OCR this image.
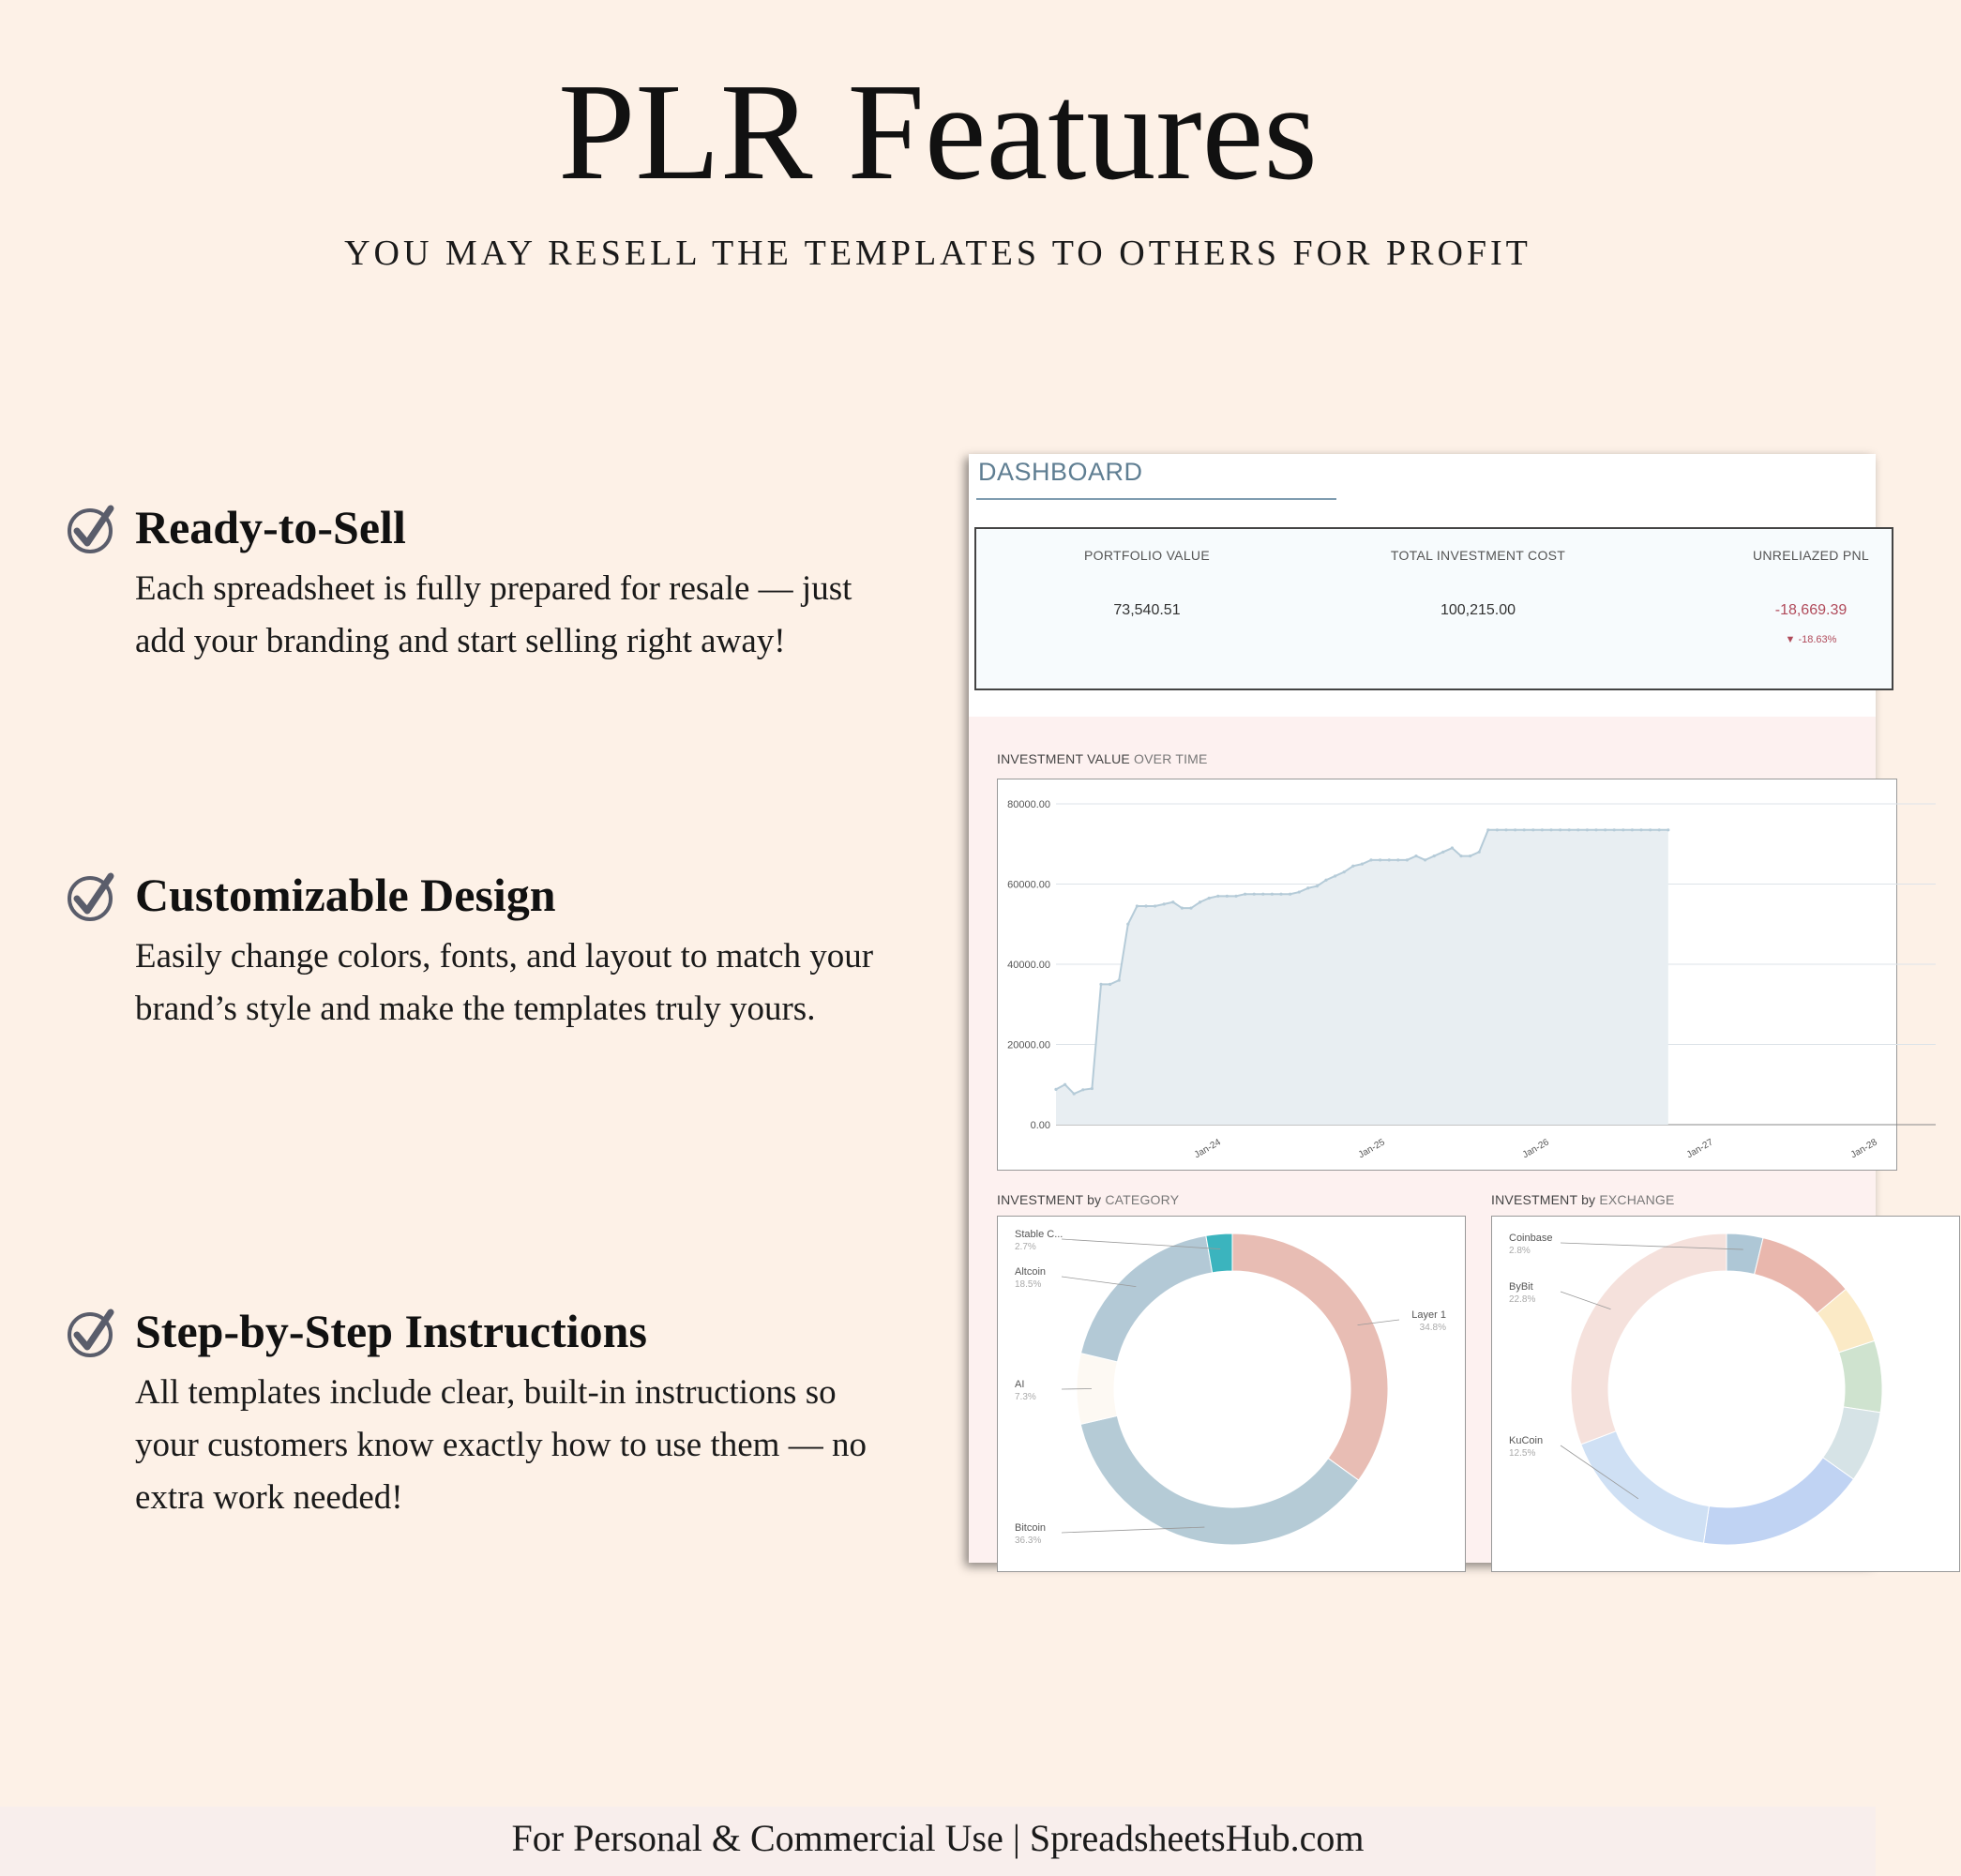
PLR Features
YOU MAY RESELL THE TEMPLATES TO OTHERS FOR PROFIT
Ready-to-Sell

Each spreadsheet is fully prepared for resale — just add your branding and start selling right away!

Customizable Design

Easily change colors, fonts, and layout to match your brand’s style and make the templates truly yours.

Step-by-Step Instructions

All templates include clear, built-in instructions so your customers know exactly how to use them — no extra work needed!

DASHBOARD
PORTFOLIO VALUE
73,540.51
TOTAL INVESTMENT COST
100,215.00
UNRELIAZED PNL
-18,669.39
▼ -18.63%
INVESTMENT VALUE OVER TIME
80000.00
60000.00
40000.00
20000.00
0.00
Jan-24	Jan-25	Jan-26	Jan-27	Jan-28
INVESTMENT by CATEGORY
Layer 1
34.8%
Bitcoin
36.3%
AI
7.3%
Altcoin
18.5%
Stable C...
2.7%
INVESTMENT by EXCHANGE
Coinbase
2.8%
KuCoin
12.5%
ByBit
22.8%
For Personal & Commercial Use | SpreadsheetsHub.com
